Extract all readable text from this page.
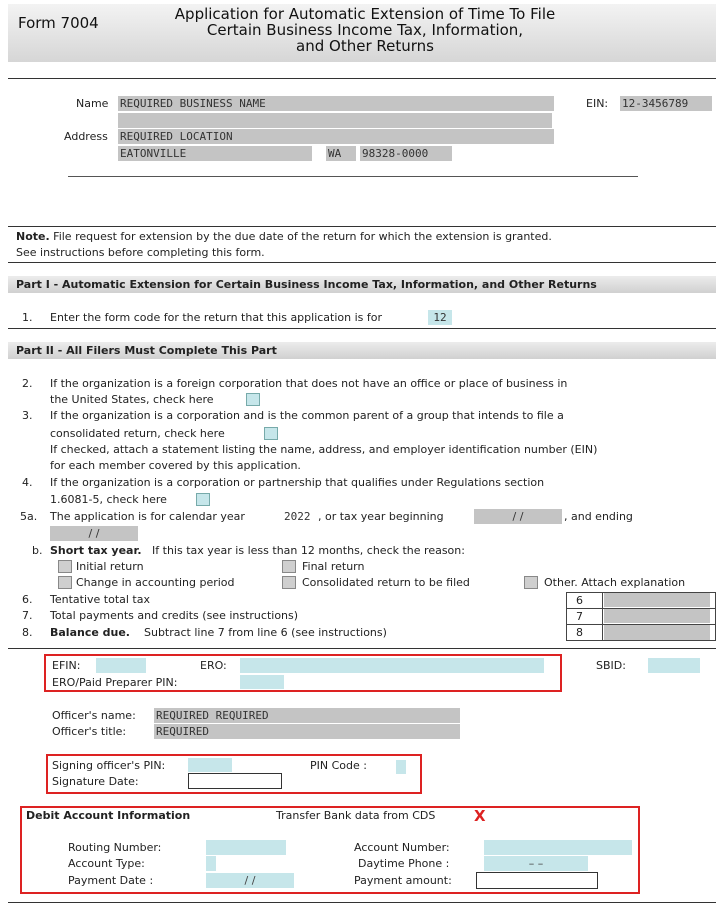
Form 7004	Application for Automatic Extension of Time To File
Certain Business Income Tax, Information,
and Other Returns
Name REQUIRED BUSINESS NAME
Address REQUIRED LOCATION
EATONVILLE	WA	98328-0000
EIN: 12-3456789
Note. File request for extension by the due date of the return for which the extension is granted.
See instructions before completing this form.
Part I - Automatic Extension for Certain Business Income Tax, Information, and Other Returns
1. Enter the form code for the return that this application is for	12
Part II - All Filers Must Complete This Part
2. If the organization is a foreign corporation that does not have an office or place of business in
the United States, check here
3. If the organization is a corporation and is the common parent of a group that intends to file a
consolidated return, check here
If checked, attach a statement listing the name, address, and employer identification number (EIN)
for each member covered by this application.
4. If the organization is a corporation or partnership that qualifies under Regulations section
1.6081-5, check here
5a. The application is for calendar year	2022 , or tax year beginning	/ /	, and ending
/ /
b. Short tax year. If this tax year is less than 12 months, check the reason:
Initial return	Final return
Change in accounting period	Consolidated return to be filed	Other. Attach explanation
6. Tentative total tax
7. Total payments and credits (see instructions)
8. Balance due. Subtract line 7 from line 6 (see instructions)
6
7
8
EFIN:	ERO:
ERO/Paid Preparer PIN:
SBID:
Officer's name: REQUIRED REQUIRED
Officer's title:	REQUIRED
Signing officer's PIN:	PIN Code :
Signature Date:
Debit Account Information	Transfer Bank data from CDS	X
Routing Number:	Account Number:
Account Type:	Daytime Phone :	– –
Payment Date :	/ /	Payment amount:
